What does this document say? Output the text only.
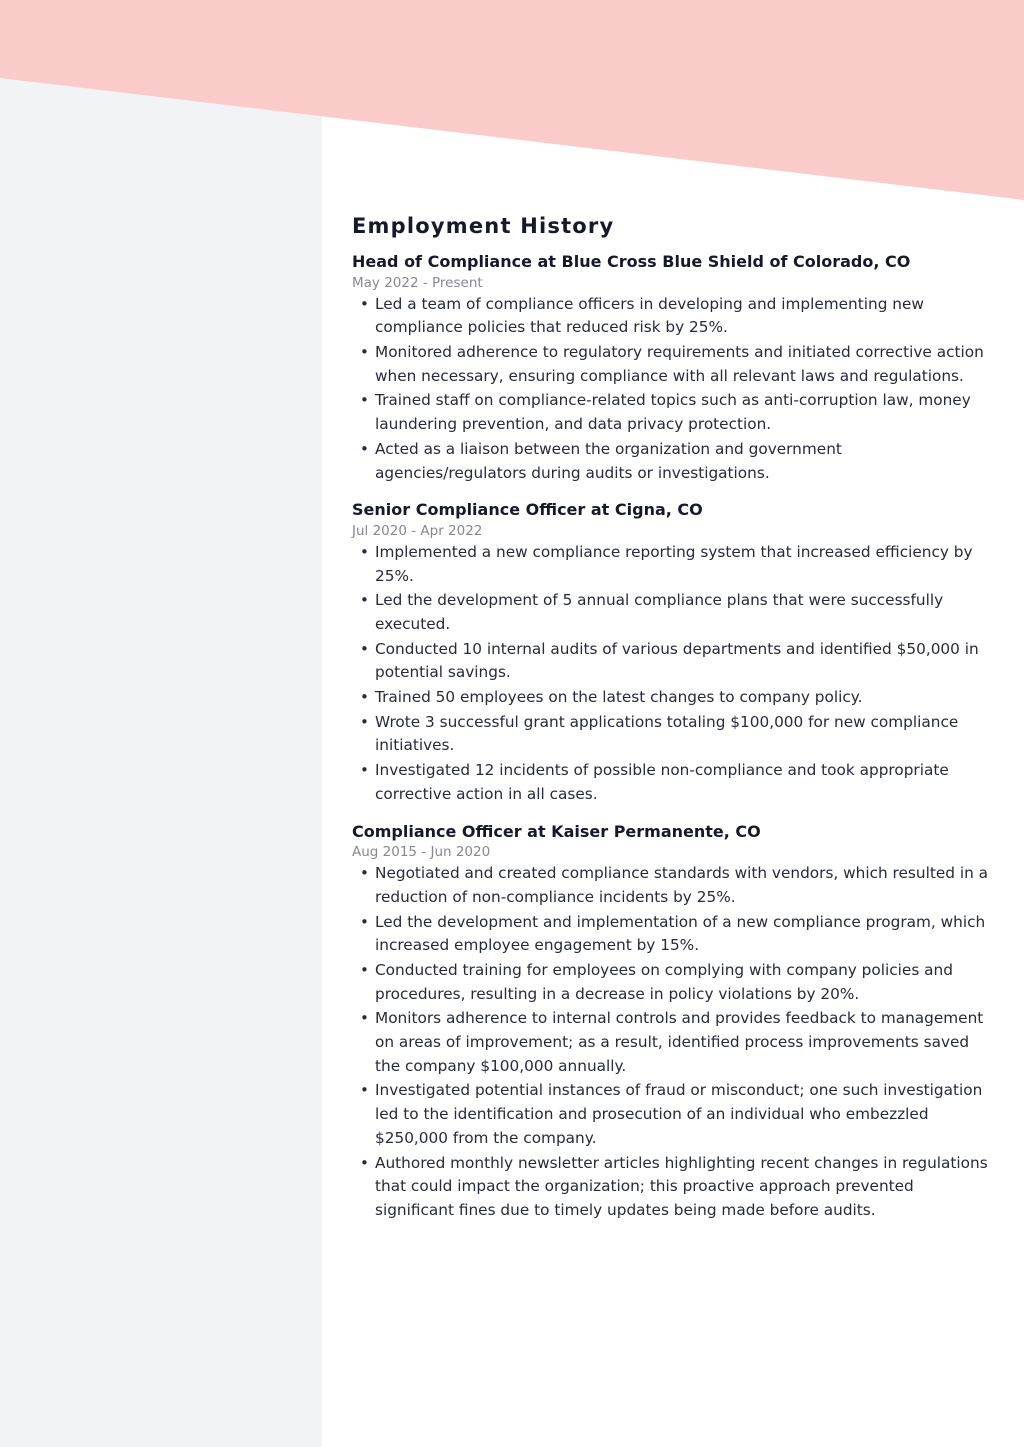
Employment History
Head of Compliance at Blue Cross Blue Shield of Colorado, CO
May 2022 - Present
• Led a team of compliance officers in developing and implementing new compliance policies that reduced risk by 25%.
• Monitored adherence to regulatory requirements and initiated corrective action when necessary, ensuring compliance with all relevant laws and regulations.
• Trained staff on compliance-related topics such as anti-corruption law, money laundering prevention, and data privacy protection.
• Acted as a liaison between the organization and government agencies/regulators during audits or investigations.
Senior Compliance Officer at Cigna, CO
Jul 2020 - Apr 2022
• Implemented a new compliance reporting system that increased efficiency by 25%.
• Led the development of 5 annual compliance plans that were successfully executed.
• Conducted 10 internal audits of various departments and identified $50,000 in potential savings.
• Trained 50 employees on the latest changes to company policy.
• Wrote 3 successful grant applications totaling $100,000 for new compliance initiatives.
• Investigated 12 incidents of possible non-compliance and took appropriate corrective action in all cases.
Compliance Officer at Kaiser Permanente, CO
Aug 2015 - Jun 2020
• Negotiated and created compliance standards with vendors, which resulted in a reduction of non-compliance incidents by 25%.
• Led the development and implementation of a new compliance program, which increased employee engagement by 15%.
• Conducted training for employees on complying with company policies and procedures, resulting in a decrease in policy violations by 20%.
• Monitors adherence to internal controls and provides feedback to management on areas of improvement; as a result, identified process improvements saved the company $100,000 annually.
• Investigated potential instances of fraud or misconduct; one such investigation led to the identification and prosecution of an individual who embezzled $250,000 from the company.
• Authored monthly newsletter articles highlighting recent changes in regulations that could impact the organization; this proactive approach prevented significant fines due to timely updates being made before audits.
